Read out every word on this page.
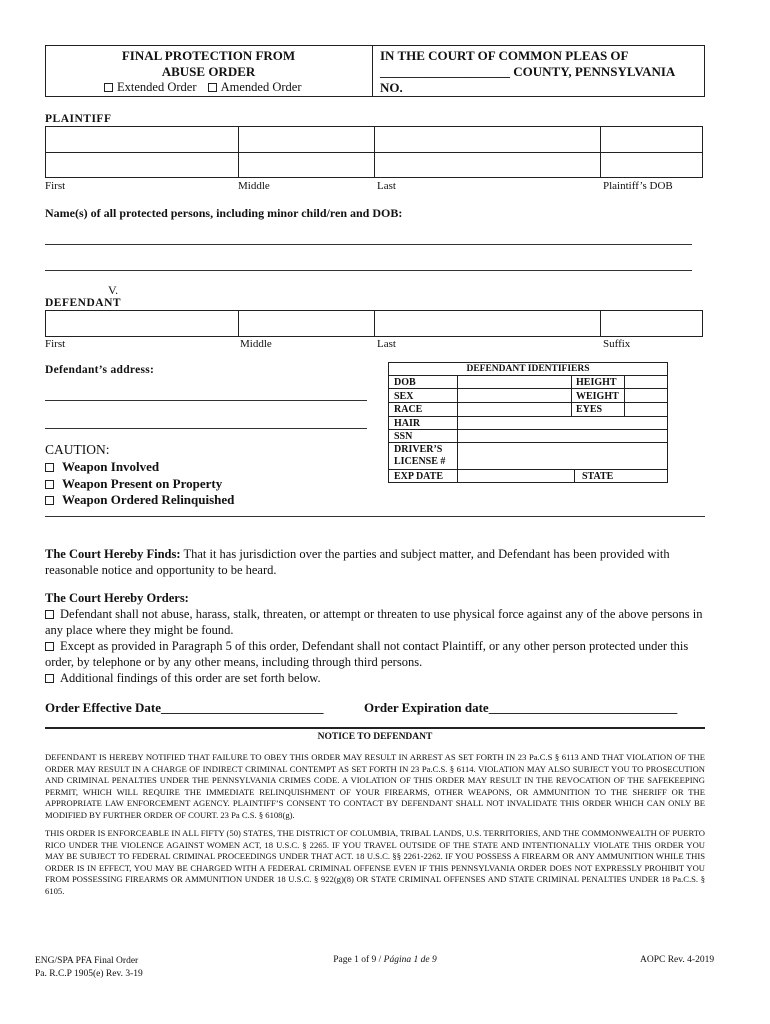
FINAL PROTECTION FROM
ABUSE ORDER
Extended Order Amended Order
IN THE COURT OF COMMON PLEAS OF
____________________ COUNTY, PENNSYLVANIA
NO.
PLAINTIFF
First	Middle	Last	Plaintiff’s DOB
Name(s) of all protected persons, including minor child/ren and DOB:
V.
DEFENDANT
First	Middle	Last	Suffix
Defendant’s address:	DEFENDANT IDENTIFIERS
DOB	HEIGHT
SEX	WEIGHT
RACE	EYES
HAIR
SSN
DRIVER’S
LICENSE #
EXP DATE	STATE
CAUTION:
Weapon Involved
Weapon Present on Property
Weapon Ordered Relinquished
The Court Hereby Finds: That it has jurisdiction over the parties and subject matter, and Defendant has been provided with reasonable notice and opportunity to be heard.
The Court Hereby Orders:
Defendant shall not abuse, harass, stalk, threaten, or attempt or threaten to use physical force against any of the above persons in any place where they might be found.
Except as provided in Paragraph 5 of this order, Defendant shall not contact Plaintiff, or any other person protected under this order, by telephone or by any other means, including through third persons.
Additional findings of this order are set forth below.
Order Effective Date_________________________	Order Expiration date_____________________________
NOTICE TO DEFENDANT
DEFENDANT IS HEREBY NOTIFIED THAT FAILURE TO OBEY THIS ORDER MAY RESULT IN ARREST AS SET FORTH IN 23 Pa.C.S § 6113 AND THAT VIOLATION OF THE ORDER MAY RESULT IN A CHARGE OF INDIRECT CRIMINAL CONTEMPT AS SET FORTH IN 23 Pa.C.S. § 6114. VIOLATION MAY ALSO SUBJECT YOU TO PROSECUTION AND CRIMINAL PENALTIES UNDER THE PENNSYLVANIA CRIMES CODE. A VIOLATION OF THIS ORDER MAY RESULT IN THE REVOCATION OF THE SAFEKEEPING PERMIT, WHICH WILL REQUIRE THE IMMEDIATE RELINQUISHMENT OF YOUR FIREARMS, OTHER WEAPONS, OR AMMUNITION TO THE SHERIFF OR THE APPROPRIATE LAW ENFORCEMENT AGENCY. PLAINTIFF’S CONSENT TO CONTACT BY DEFENDANT SHALL NOT INVALIDATE THIS ORDER WHICH CAN ONLY BE MODIFIED BY FURTHER ORDER OF COURT. 23 Pa C.S. § 6108(g).
THIS ORDER IS ENFORCEABLE IN ALL FIFTY (50) STATES, THE DISTRICT OF COLUMBIA, TRIBAL LANDS, U.S. TERRITORIES, AND THE COMMONWEALTH OF PUERTO RICO UNDER THE VIOLENCE AGAINST WOMEN ACT, 18 U.S.C. § 2265. IF YOU TRAVEL OUTSIDE OF THE STATE AND INTENTIONALLY VIOLATE THIS ORDER YOU MAY BE SUBJECT TO FEDERAL CRIMINAL PROCEEDINGS UNDER THAT ACT. 18 U.S.C. §§ 2261-2262. IF YOU POSSESS A FIREARM OR ANY AMMUNITION WHILE THIS ORDER IS IN EFFECT, YOU MAY BE CHARGED WITH A FEDERAL CRIMINAL OFFENSE EVEN IF THIS PENNSYLVANIA ORDER DOES NOT EXPRESSLY PROHIBIT YOU FROM POSSESSING FIREARMS OR AMMUNITION UNDER 18 U.S.C. § 922(g)(8) OR STATE CRIMINAL OFFENSES AND STATE CRIMINAL PENALTIES UNDER 18 Pa.C.S. § 6105.
ENG/SPA PFA Final Order
Pa. R.C.P 1905(e) Rev. 3-19
Page 1 of 9 / Página 1 de 9	AOPC Rev. 4-2019
